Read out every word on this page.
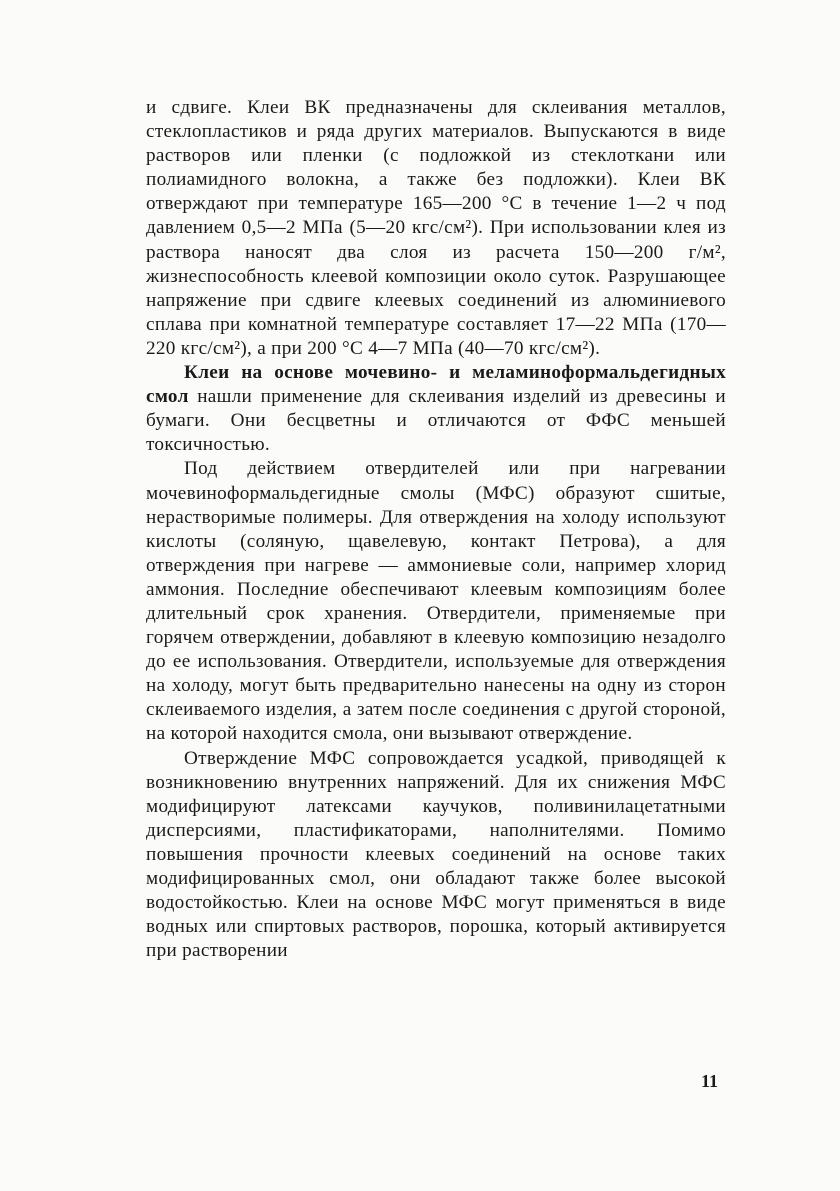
и сдвиге. Клеи ВК предназначены для склеивания металлов, стеклопластиков и ряда других материалов. Выпускаются в виде растворов или пленки (с подложкой из стеклоткани или полиамидного волокна, а также без подложки). Клеи ВК отверждают при температуре 165—200 °С в течение 1—2 ч под давлением 0,5—2 МПа (5—20 кгс/см²). При использовании клея из раствора наносят два слоя из расчета 150—200 г/м², жизнеспособность клеевой композиции около суток. Разрушающее напряжение при сдвиге клеевых соединений из алюминиевого сплава при комнатной температуре составляет 17—22 МПа (170—220 кгс/см²), а при 200 °С 4—7 МПа (40—70 кгс/см²).

Клеи на основе мочевино- и меламиноформальдегидных смол нашли применение для склеивания изделий из древесины и бумаги. Они бесцветны и отличаются от ФФС меньшей токсичностью.

Под действием отвердителей или при нагревании мочевиноформальдегидные смолы (МФС) образуют сшитые, нерастворимые полимеры. Для отверждения на холоду используют кислоты (соляную, щавелевую, контакт Петрова), а для отверждения при нагреве — аммониевые соли, например хлорид аммония. Последние обеспечивают клеевым композициям более длительный срок хранения. Отвердители, применяемые при горячем отверждении, добавляют в клеевую композицию незадолго до ее использования. Отвердители, используемые для отверждения на холоду, могут быть предварительно нанесены на одну из сторон склеиваемого изделия, а затем после соединения с другой стороной, на которой находится смола, они вызывают отверждение.

Отверждение МФС сопровождается усадкой, приводящей к возникновению внутренних напряжений. Для их снижения МФС модифицируют латексами каучуков, поливинилацетатными дисперсиями, пластификаторами, наполнителями. Помимо повышения прочности клеевых соединений на основе таких модифицированных смол, они обладают также более высокой водостойкостью. Клеи на основе МФС могут применяться в виде водных или спиртовых растворов, порошка, который активируется при растворении

11
